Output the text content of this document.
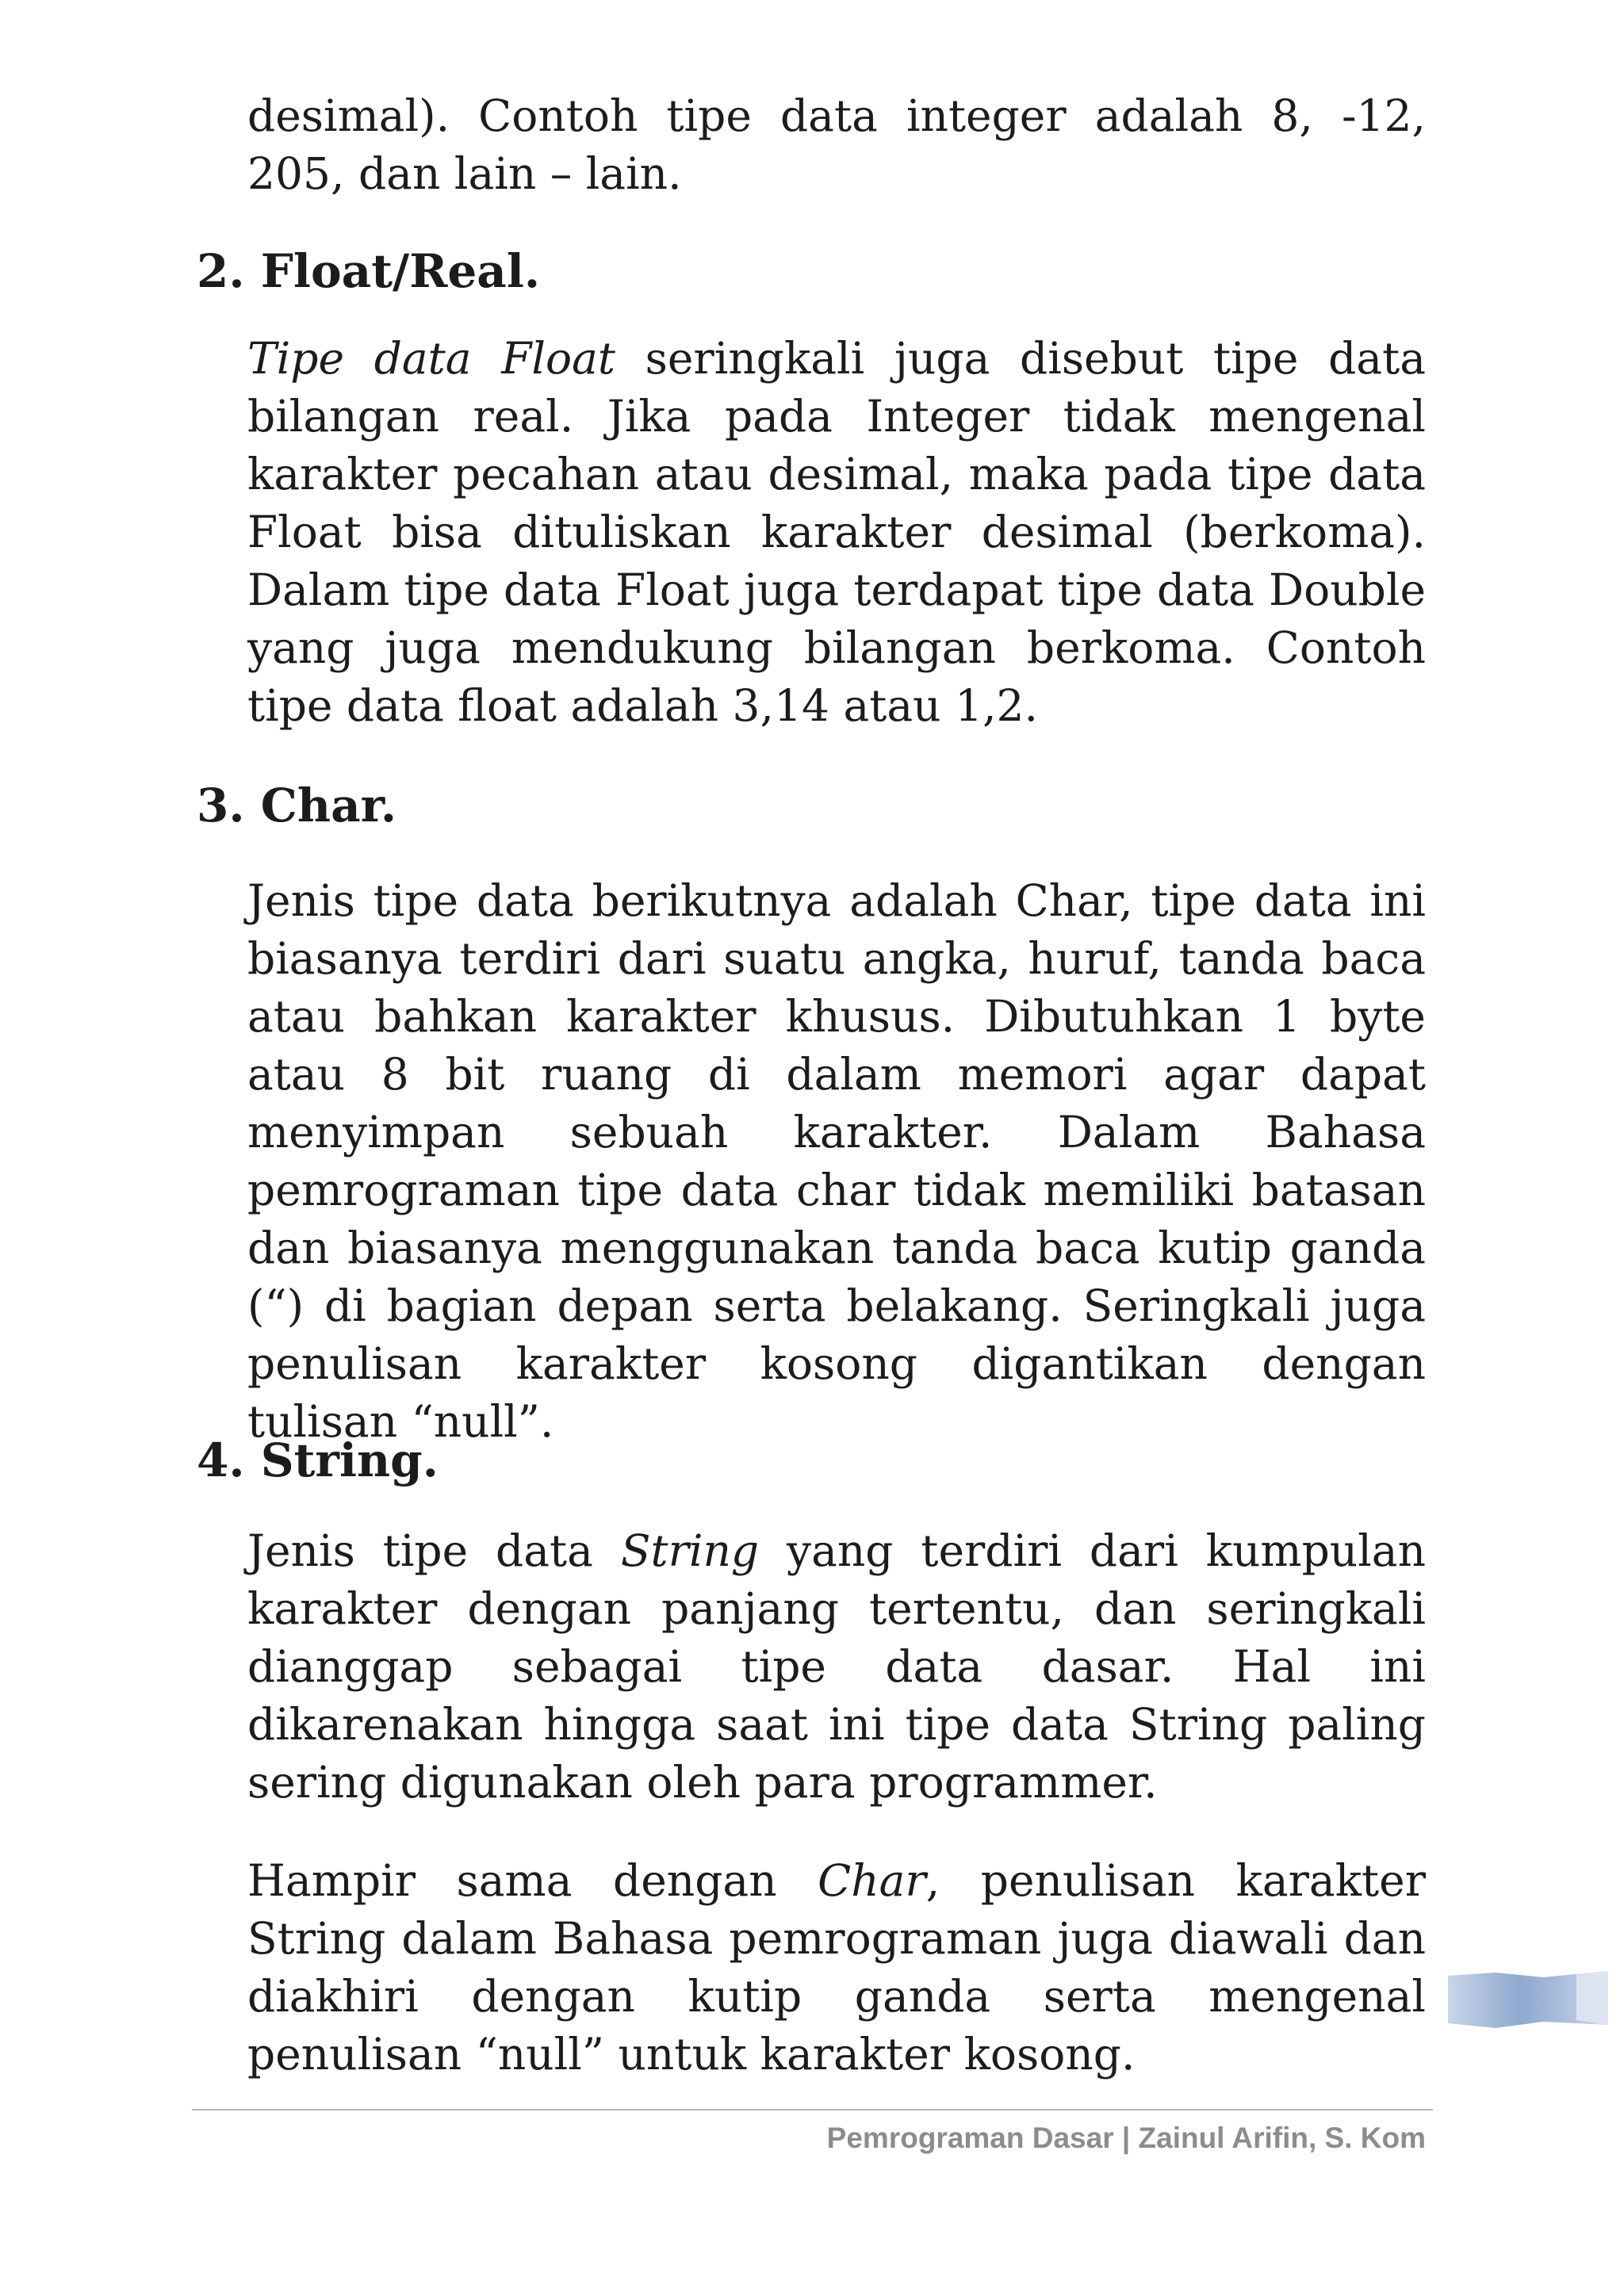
desimal). Contoh tipe data integer adalah 8, -12, 205, dan lain – lain.

2. Float/Real.

Tipe data Float seringkali juga disebut tipe data bilangan real. Jika pada Integer tidak mengenal karakter pecahan atau desimal, maka pada tipe data Float bisa dituliskan karakter desimal (berkoma). Dalam tipe data Float juga terdapat tipe data Double yang juga mendukung bilangan berkoma. Contoh tipe data float adalah 3,14 atau 1,2.

3. Char.

Jenis tipe data berikutnya adalah Char, tipe data ini biasanya terdiri dari suatu angka, huruf, tanda baca atau bahkan karakter khusus. Dibutuhkan 1 byte atau 8 bit ruang di dalam memori agar dapat menyimpan sebuah karakter. Dalam Bahasa pemrograman tipe data char tidak memiliki batasan dan biasanya menggunakan tanda baca kutip ganda (“) di bagian depan serta belakang. Seringkali juga penulisan karakter kosong digantikan dengan tulisan “null”.

4. String.

Jenis tipe data String yang terdiri dari kumpulan karakter dengan panjang tertentu, dan seringkali dianggap sebagai tipe data dasar. Hal ini dikarenakan hingga saat ini tipe data String paling sering digunakan oleh para programmer.

Hampir sama dengan Char, penulisan karakter String dalam Bahasa pemrograman juga diawali dan diakhiri dengan kutip ganda serta mengenal penulisan “null” untuk karakter kosong.

Pemrograman Dasar | Zainul Arifin, S. Kom
